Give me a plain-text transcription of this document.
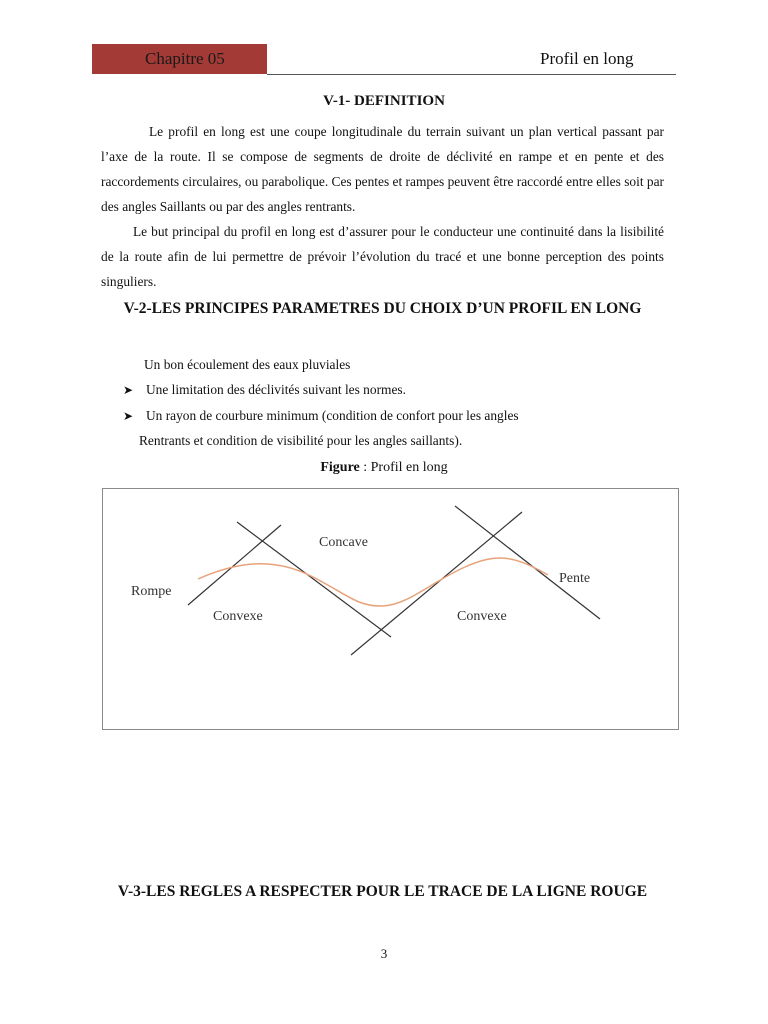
Chapitre 05	Profil en long
V-1- DEFINITION
Le profil en long est une coupe longitudinale du terrain suivant un plan vertical passant par l’axe de la route. Il se compose de segments de droite de déclivité en rampe et en pente et des raccordements circulaires, ou parabolique. Ces pentes et rampes peuvent être raccordé entre elles soit par des angles Saillants ou par des angles rentrants.
Le but principal du profil en long est d’assurer pour le conducteur une continuité dans la lisibilité de la route afin de lui permettre de prévoir l’évolution du tracé et une bonne perception des points singuliers.
V-2-LES PRINCIPES PARAMETRES DU CHOIX D’UN PROFIL EN LONG
Un bon écoulement des eaux pluviales
➤ Une limitation des déclivités suivant les normes.
➤ Un rayon de courbure minimum (condition de confort pour les angles
Rentrants et condition de visibilité pour les angles saillants).
Figure : Profil en long
Rompe
Concave
Convexe	Convexe
Pente
V-3-LES REGLES A RESPECTER POUR LE TRACE DE LA LIGNE ROUGE
3
